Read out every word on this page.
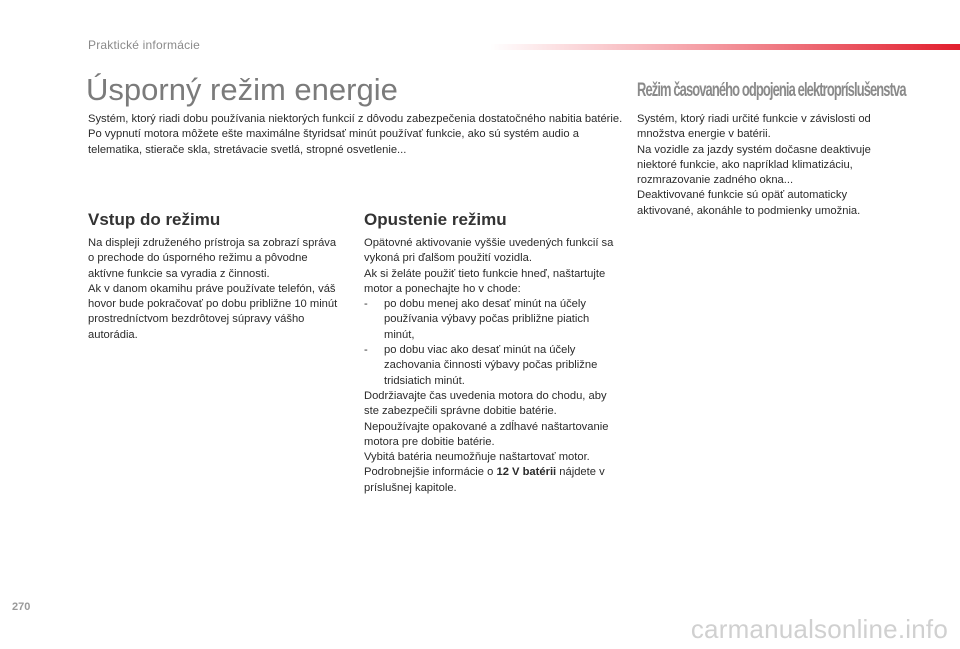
Praktické informácie
Úsporný režim energie

Systém, ktorý riadi dobu používania niektorých funkcií z dôvodu zabezpečenia dostatočného nabitia batérie.

Po vypnutí motora môžete ešte maximálne štyridsať minút používať funkcie, ako sú systém audio a telematika, stierače skla, stretávacie svetlá, stropné osvetlenie...

Vstup do režimu

Na displeji združeného prístroja sa zobrazí správa o prechode do úsporného režimu a pôvodne aktívne funkcie sa vyradia z činnosti.

Ak v danom okamihu práve používate telefón, váš hovor bude pokračovať po dobu približne 10 minút prostredníctvom bezdrôtovej súpravy vášho autorádia.

Opustenie režimu

Opätovné aktivovanie vyššie uvedených funkcií sa vykoná pri ďalšom použití vozidla.

Ak si želáte použiť tieto funkcie hneď, naštartujte motor a ponechajte ho v chode:

- po dobu menej ako desať minút na účely používania výbavy počas približne piatich minút,
- po dobu viac ako desať minút na účely zachovania činnosti výbavy počas približne tridsiatich minút.

Dodržiavajte čas uvedenia motora do chodu, aby ste zabezpečili správne dobitie batérie.

Nepoužívajte opakované a zdĺhavé naštartovanie motora pre dobitie batérie.

Vybitá batéria neumožňuje naštartovať motor.

Podrobnejšie informácie o 12 V batérii nájdete v príslušnej kapitole.

Režim časovaného odpojenia elektropríslušenstva

Systém, ktorý riadi určité funkcie v závislosti od množstva energie v batérii.

Na vozidle za jazdy systém dočasne deaktivuje niektoré funkcie, ako napríklad klimatizáciu, rozmrazovanie zadného okna...

Deaktivované funkcie sú opäť automaticky aktivované, akonáhle to podmienky umožnia.

270
carmanualsonline.info
